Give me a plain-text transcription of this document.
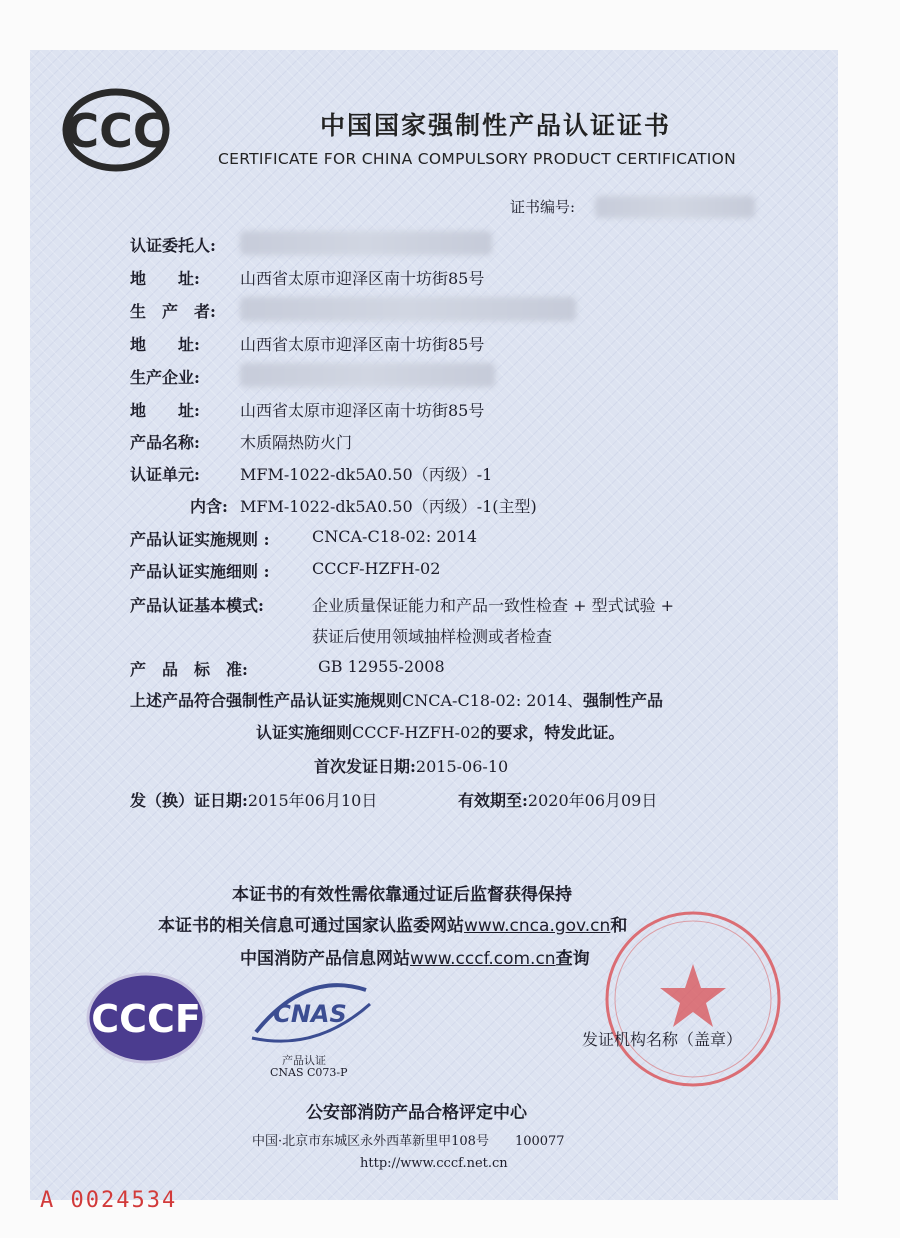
CCC	中国国家强制性产品认证证书
CERTIFICATE FOR CHINA COMPULSORY PRODUCT CERTIFICATION
证书编号:
认证委托人:
地　　址:	山西省太原市迎泽区南十坊街85号
生　产　者:
地　　址:	山西省太原市迎泽区南十坊街85号
生产企业:
地　　址:	山西省太原市迎泽区南十坊街85号
产品名称:	木质隔热防火门
认证单元:	MFM-1022-dk5A0.50（丙级）-1
内含: MFM-1022-dk5A0.50（丙级）-1(主型)
产品认证实施规则 :	CNCA-C18-02: 2014
产品认证实施细则 :	CCCF-HZFH-02
产品认证基本模式:	企业质量保证能力和产品一致性检查 + 型式试验 +
获证后使用领域抽样检测或者检查
产　品　标　准:	GB 12955-2008
上述产品符合强制性产品认证实施规则CNCA-C18-02: 2014、强制性产品
认证实施细则CCCF-HZFH-02的要求，特发此证。
首次发证日期:2015-06-10
发（换）证日期:2015年06月10日	有效期至:2020年06月09日
本证书的有效性需依靠通过证后监督获得保持
本证书的相关信息可通过国家认监委网站www.cnca.gov.cn和
中国消防产品信息网站www.cccf.com.cn查询
CCCF	CNAS
产品认证
CNAS C073-P
发证机构名称（盖章）
公安部消防产品合格评定中心
中国·北京市东城区永外西革新里甲108号　　100077
http://www.cccf.net.cn
A 0024534
